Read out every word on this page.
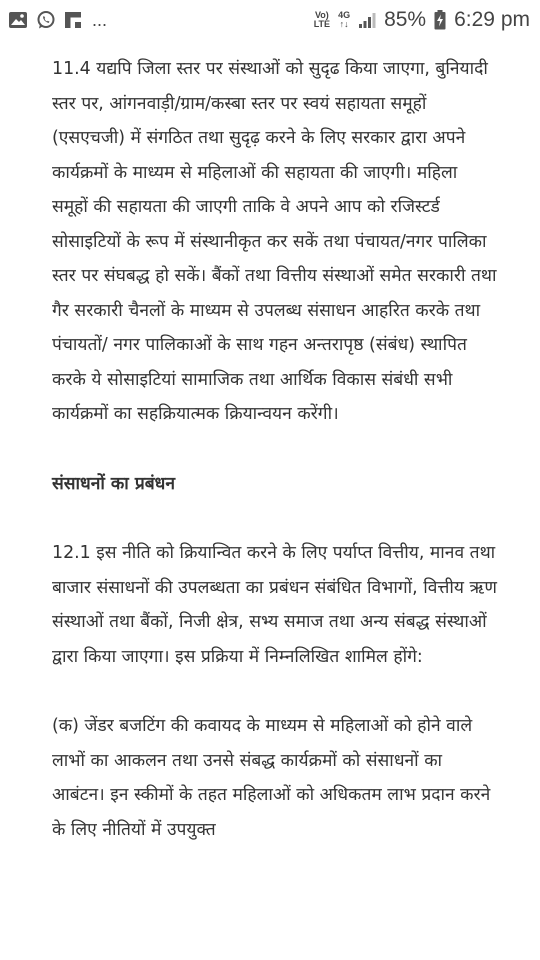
...	Vo)
LTE
4G
↑↓ 85% 6:29 pm

11.4 यद्यपि जिला स्तर पर संस्थाओं को सुदृढ किया जाएगा, बुनियादी स्तर पर, आंगनवाड़ी/ग्राम/कस्बा स्तर पर स्वयं सहायता समूहों (एसएचजी) में संगठित तथा सुदृढ़ करने के लिए सरकार द्वारा अपने कार्यक्रमों के माध्यम से महिलाओं की सहायता की जाएगी। महिला समूहों की सहायता की जाएगी ताकि वे अपने आप को रजिस्टर्ड सोसाइटियों के रूप में संस्थानीकृत कर सकें तथा पंचायत/नगर पालिका स्तर पर संघबद्ध हो सकें। बैंकों तथा वित्तीय संस्थाओं समेत सरकारी तथा गैर सरकारी चैनलों के माध्यम से उपलब्ध संसाधन आहरित करके तथा पंचायतों/ नगर पालिकाओं के साथ गहन अन्तरापृष्ठ (संबंध) स्थापित करके ये सोसाइटियां सामाजिक तथा आर्थिक विकास संबंधी सभी कार्यक्रमों का सहक्रियात्मक क्रियान्वयन करेंगी।

संसाधनों का प्रबंधन

12.1 इस नीति को क्रियान्वित करने के लिए पर्याप्त वित्तीय, मानव तथा बाजार संसाधनों की उपलब्धता का प्रबंधन संबंधित विभागों, वित्तीय ऋण संस्थाओं तथा बैंकों, निजी क्षेत्र, सभ्य समाज तथा अन्य संबद्ध संस्थाओं द्वारा किया जाएगा। इस प्रक्रिया में निम्नलिखित शामिल होंगे:

(क) जेंडर बजटिंग की कवायद के माध्यम से महिलाओं को होने वाले लाभों का आकलन तथा उनसे संबद्ध कार्यक्रमों को संसाधनों का आबंटन। इन स्कीमों के तहत महिलाओं को अधिकतम लाभ प्रदान करने के लिए नीतियों में उपयुक्त
